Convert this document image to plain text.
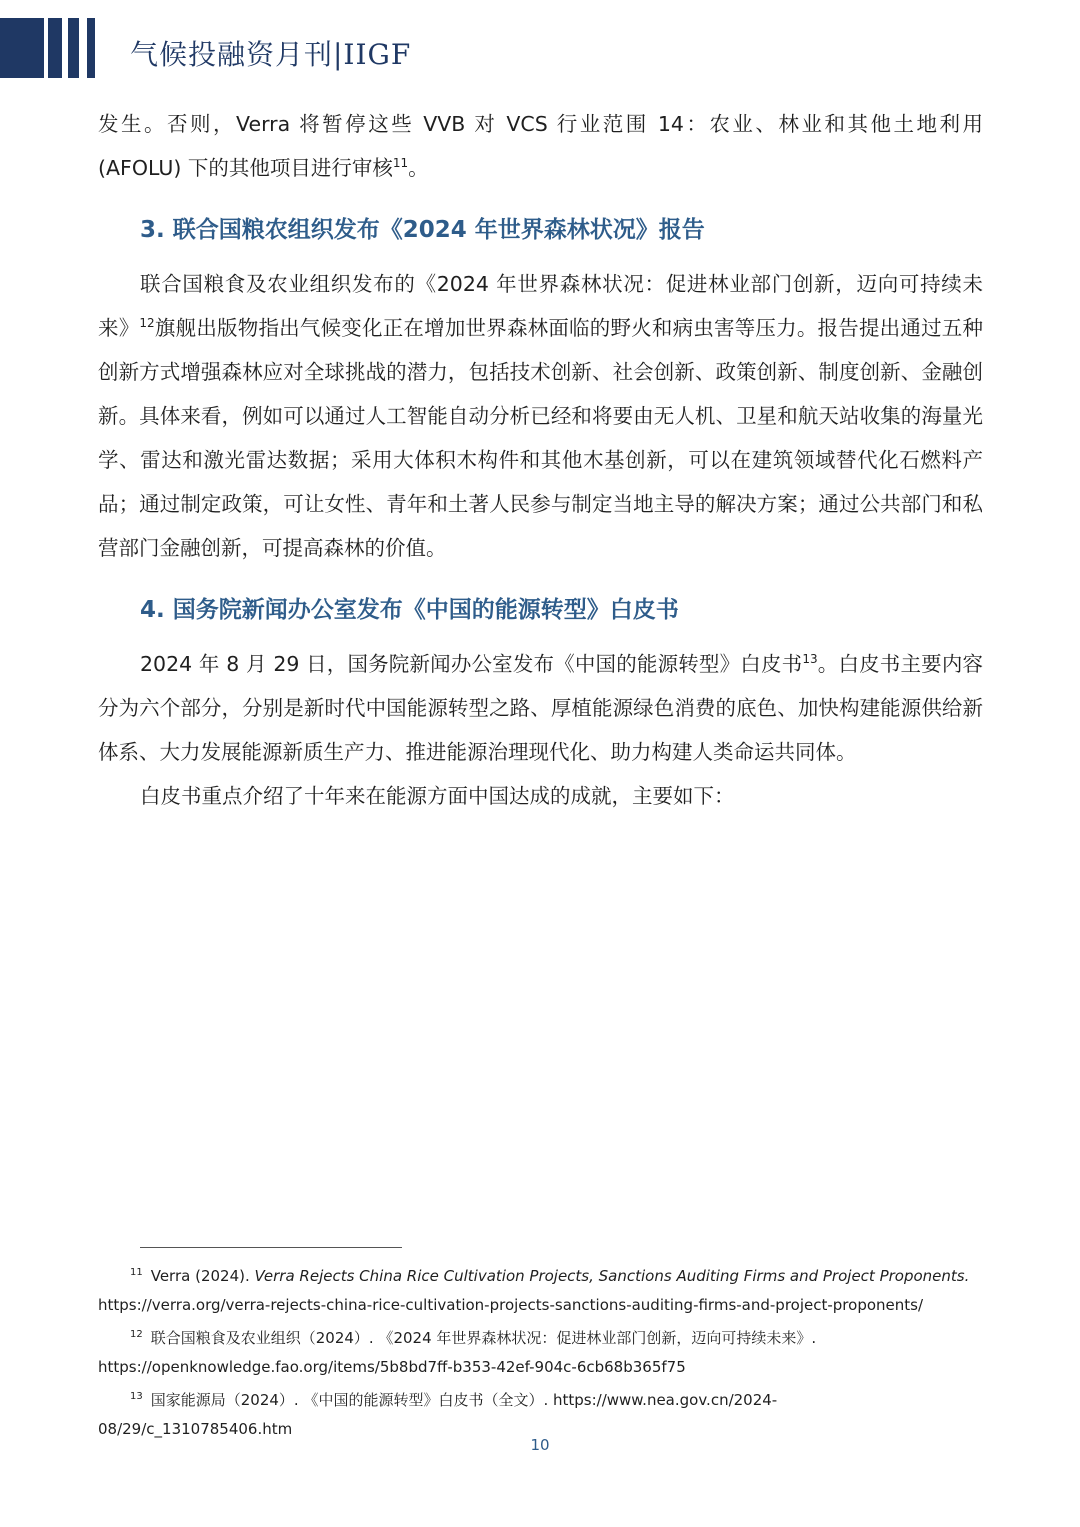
气候投融资月刊|IIGF

发生。否则，Verra 将暂停这些 VVB 对 VCS 行业范围 14：农业、林业和其他土地利用 (AFOLU) 下的其他项目进行审核$^{11}$。

3. 联合国粮农组织发布《2024 年世界森林状况》报告

联合国粮食及农业组织发布的《2024 年世界森林状况：促进林业部门创新，迈向可持续未来》$^{12}$旗舰出版物指出气候变化正在增加世界森林面临的野火和病虫害等压力。报告提出通过五种创新方式增强森林应对全球挑战的潜力，包括技术创新、社会创新、政策创新、制度创新、金融创新。具体来看，例如可以通过人工智能自动分析已经和将要由无人机、卫星和航天站收集的海量光学、雷达和激光雷达数据；采用大体积木构件和其他木基创新，可以在建筑领域替代化石燃料产品；通过制定政策，可让女性、青年和土著人民参与制定当地主导的解决方案；通过公共部门和私营部门金融创新，可提高森林的价值。

4. 国务院新闻办公室发布《中国的能源转型》白皮书

2024 年 8 月 29 日，国务院新闻办公室发布《中国的能源转型》白皮书$^{13}$。白皮书主要内容分为六个部分，分别是新时代中国能源转型之路、厚植能源绿色消费的底色、加快构建能源供给新体系、大力发展能源新质生产力、推进能源治理现代化、助力构建人类命运共同体。

白皮书重点介绍了十年来在能源方面中国达成的成就，主要如下：

$^{11}$ Verra (2024). Verra Rejects China Rice Cultivation Projects, Sanctions Auditing Firms and Project Proponents.
https://verra.org/verra-rejects-china-rice-cultivation-projects-sanctions-auditing-firms-and-project-proponents/
$^{12}$ 联合国粮食及农业组织（2024）. 《2024 年世界森林状况：促进林业部门创新，迈向可持续未来》.
https://openknowledge.fao.org/items/5b8bd7ff-b353-42ef-904c-6cb68b365f75
$^{13}$ 国家能源局（2024）. 《中国的能源转型》白皮书（全文）. https://www.nea.gov.cn/2024-
08/29/c_1310785406.htm
10
